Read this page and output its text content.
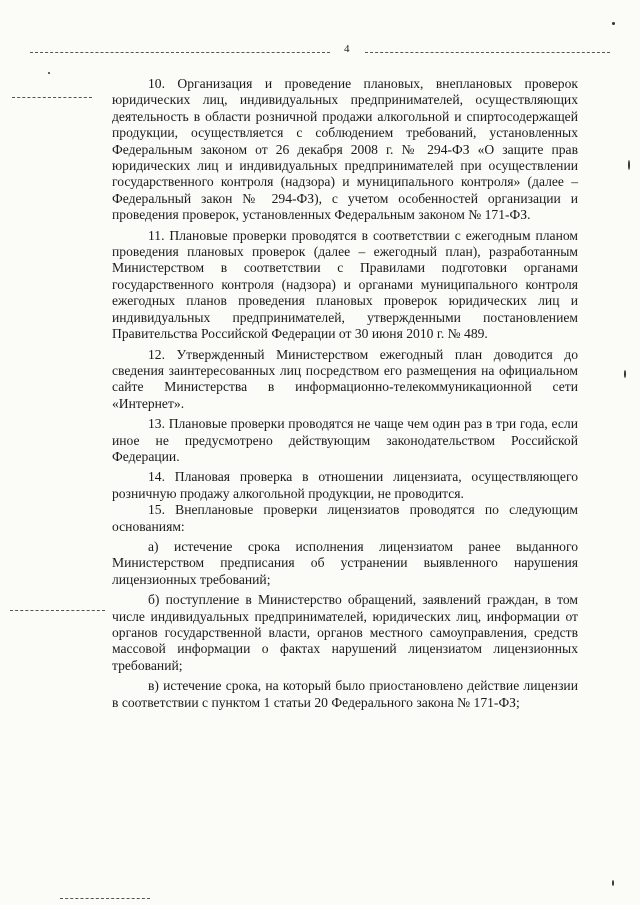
4

10. Организация и проведение плановых, внеплановых проверок юридических лиц, индивидуальных предпринимателей, осуществляющих деятельность в области розничной продажи алкогольной и спиртосодержащей продукции, осуществляется с соблюдением требований, установленных Федеральным законом от 26 декабря 2008 г. № 294-ФЗ «О защите прав юридических лиц и индивидуальных предпринимателей при осуществлении государственного контроля (надзора) и муниципального контроля» (далее – Федеральный закон № 294-ФЗ), с учетом особенностей организации и проведения проверок, установленных Федеральным законом № 171-ФЗ.

11. Плановые проверки проводятся в соответствии с ежегодным планом проведения плановых проверок (далее – ежегодный план), разработанным Министерством в соответствии с Правилами подготовки органами государственного контроля (надзора) и органами муниципального контроля ежегодных планов проведения плановых проверок юридических лиц и индивидуальных предпринимателей, утвержденными постановлением Правительства Российской Федерации от 30 июня 2010 г. № 489.

12. Утвержденный Министерством ежегодный план доводится до сведения заинтересованных лиц посредством его размещения на официальном сайте Министерства в информационно-телекоммуникационной сети «Интернет».

13. Плановые проверки проводятся не чаще чем один раз в три года, если иное не предусмотрено действующим законодательством Российской Федерации.

14. Плановая проверка в отношении лицензиата, осуществляющего розничную продажу алкогольной продукции, не проводится.

15. Внеплановые проверки лицензиатов проводятся по следующим основаниям:

а) истечение срока исполнения лицензиатом ранее выданного Министерством предписания об устранении выявленного нарушения лицензионных требований;

б) поступление в Министерство обращений, заявлений граждан, в том числе индивидуальных предпринимателей, юридических лиц, информации от органов государственной власти, органов местного самоуправления, средств массовой информации о фактах нарушений лицензиатом лицензионных требований;

в) истечение срока, на который было приостановлено действие лицензии в соответствии с пунктом 1 статьи 20 Федерального закона № 171-ФЗ;
